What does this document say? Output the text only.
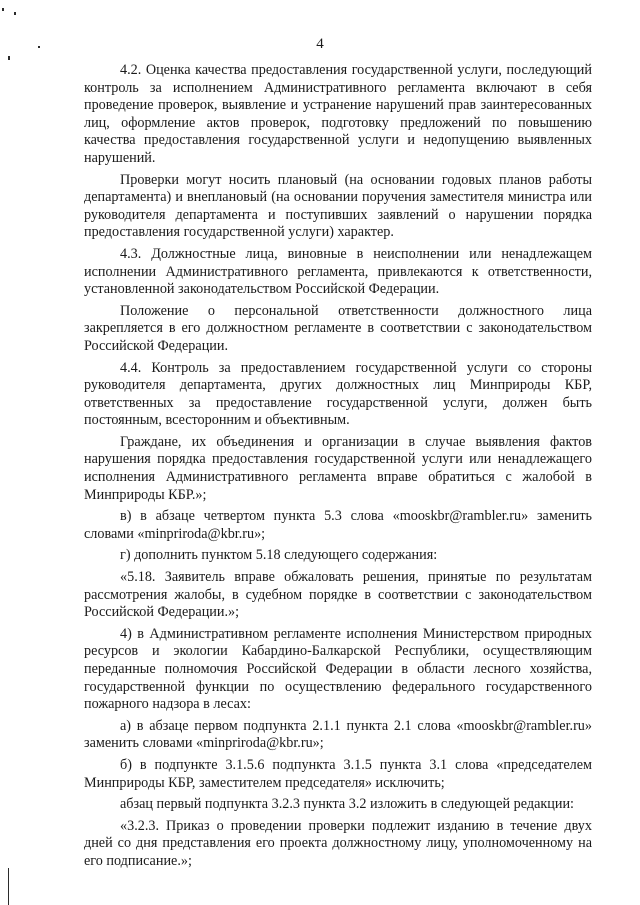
4

4.2. Оценка качества предоставления государственной услуги, последующий контроль за исполнением Административного регламента включают в себя проведение проверок, выявление и устранение нарушений прав заинтересованных лиц, оформление актов проверок, подготовку предложений по повышению качества предоставления государственной услуги и недопущению выявленных нарушений.

Проверки могут носить плановый (на основании годовых планов работы департамента) и внеплановый (на основании поручения заместителя министра или руководителя департамента и поступивших заявлений о нарушении порядка предоставления государственной услуги) характер.

4.3. Должностные лица, виновные в неисполнении или ненадлежащем исполнении Административного регламента, привлекаются к ответственности, установленной законодательством Российской Федерации.

Положение о персональной ответственности должностного лица закрепляется в его должностном регламенте в соответствии с законодательством Российской Федерации.

4.4. Контроль за предоставлением государственной услуги со стороны руководителя департамента, других должностных лиц Минприроды КБР, ответственных за предоставление государственной услуги, должен быть постоянным, всесторонним и объективным.

Граждане, их объединения и организации в случае выявления фактов нарушения порядка предоставления государственной услуги или ненадлежащего исполнения Административного регламента вправе обратиться с жалобой в Минприроды КБР.»;

в) в абзаце четвертом пункта 5.3 слова «mooskbr@rambler.ru» заменить словами «minpriroda@kbr.ru»;

г) дополнить пунктом 5.18 следующего содержания:

«5.18. Заявитель вправе обжаловать решения, принятые по результатам рассмотрения жалобы, в судебном порядке в соответствии с законодательством Российской Федерации.»;

4) в Административном регламенте исполнения Министерством природных ресурсов и экологии Кабардино-Балкарской Республики, осуществляющим переданные полномочия Российской Федерации в области лесного хозяйства, государственной функции по осуществлению федерального государственного пожарного надзора в лесах:

а) в абзаце первом подпункта 2.1.1 пункта 2.1 слова «mooskbr@rambler.ru» заменить словами «minpriroda@kbr.ru»;

б) в подпункте 3.1.5.6 подпункта 3.1.5 пункта 3.1 слова «председателем Минприроды КБР, заместителем председателя» исключить;

абзац первый подпункта 3.2.3 пункта 3.2 изложить в следующей редакции:

«3.2.3. Приказ о проведении проверки подлежит изданию в течение двух дней со дня представления его проекта должностному лицу, уполномоченному на его подписание.»;
